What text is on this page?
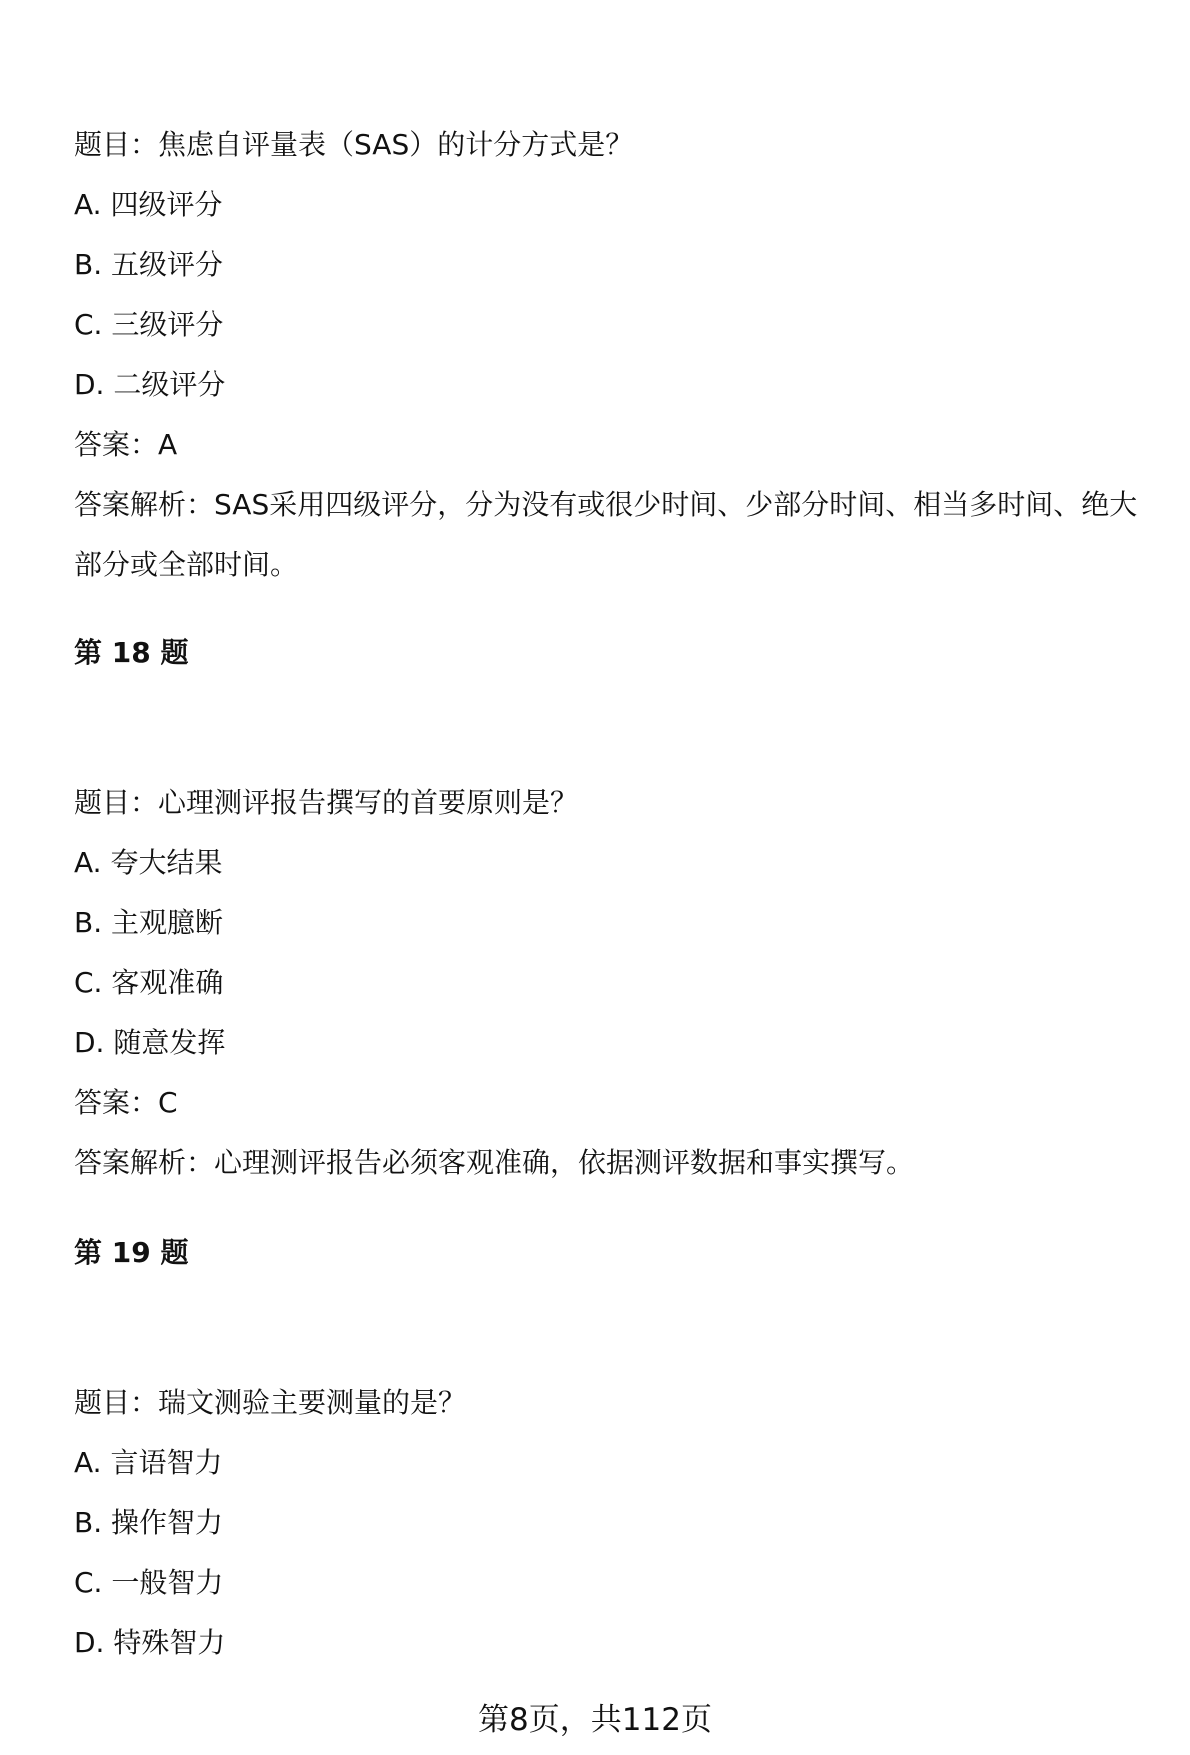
题目：焦虑自评量表（SAS）的计分方式是？
A. 四级评分
B. 五级评分
C. 三级评分
D. 二级评分
答案：A
答案解析：SAS采用四级评分，分为没有或很少时间、少部分时间、相当多时间、绝大部分或全部时间。
第 18 题
题目：心理测评报告撰写的首要原则是？
A. 夸大结果
B. 主观臆断
C. 客观准确
D. 随意发挥
答案：C
答案解析：心理测评报告必须客观准确，依据测评数据和事实撰写。
第 19 题
题目：瑞文测验主要测量的是？
A. 言语智力
B. 操作智力
C. 一般智力
D. 特殊智力
第8页，共112页
